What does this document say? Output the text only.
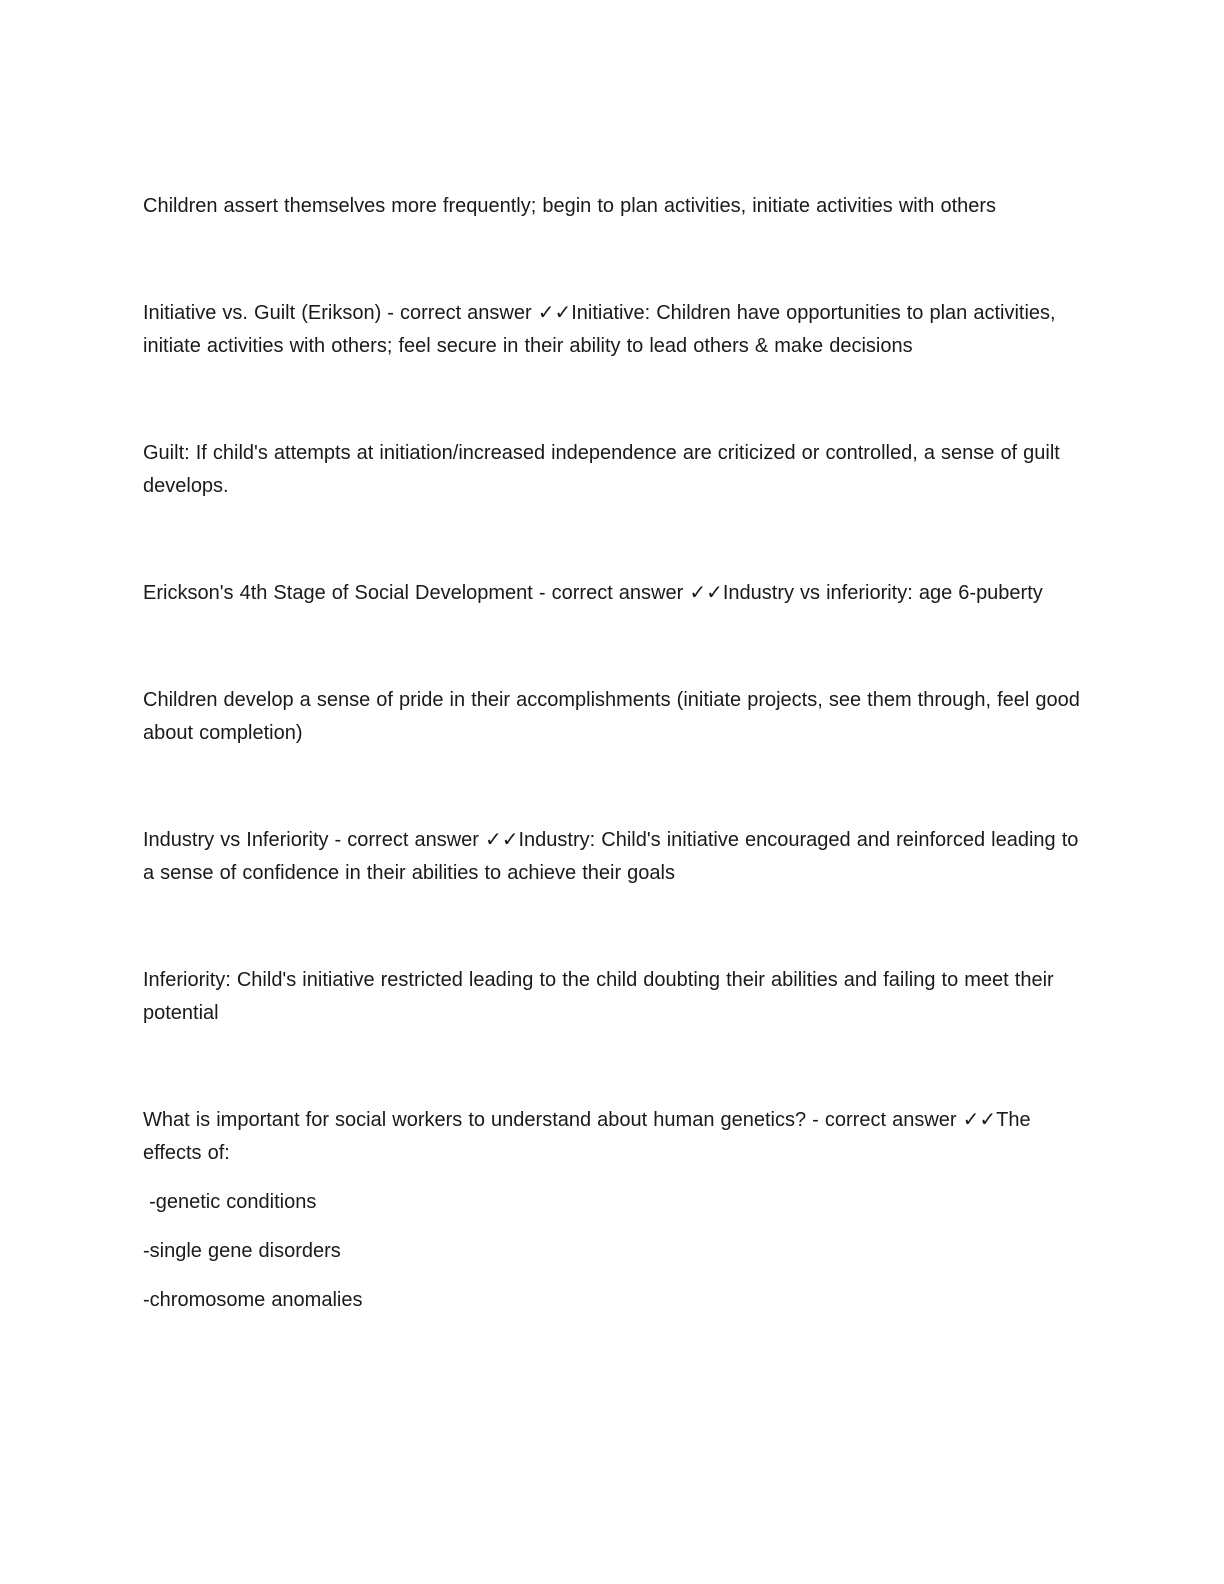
Children assert themselves more frequently; begin to plan activities, initiate activities with others

Initiative vs. Guilt (Erikson) - correct answer ✓✓Initiative: Children have opportunities to plan activities, initiate activities with others; feel secure in their ability to lead others & make decisions

Guilt: If child's attempts at initiation/increased independence are criticized or controlled, a sense of guilt develops.

Erickson's 4th Stage of Social Development - correct answer ✓✓Industry vs inferiority: age 6-puberty

Children develop a sense of pride in their accomplishments (initiate projects, see them through, feel good about completion)

Industry vs Inferiority - correct answer ✓✓Industry: Child's initiative encouraged and reinforced leading to a sense of confidence in their abilities to achieve their goals

Inferiority: Child's initiative restricted leading to the child doubting their abilities and failing to meet their potential

What is important for social workers to understand about human genetics? - correct answer ✓✓The effects of:

-genetic conditions

-single gene disorders

-chromosome anomalies
